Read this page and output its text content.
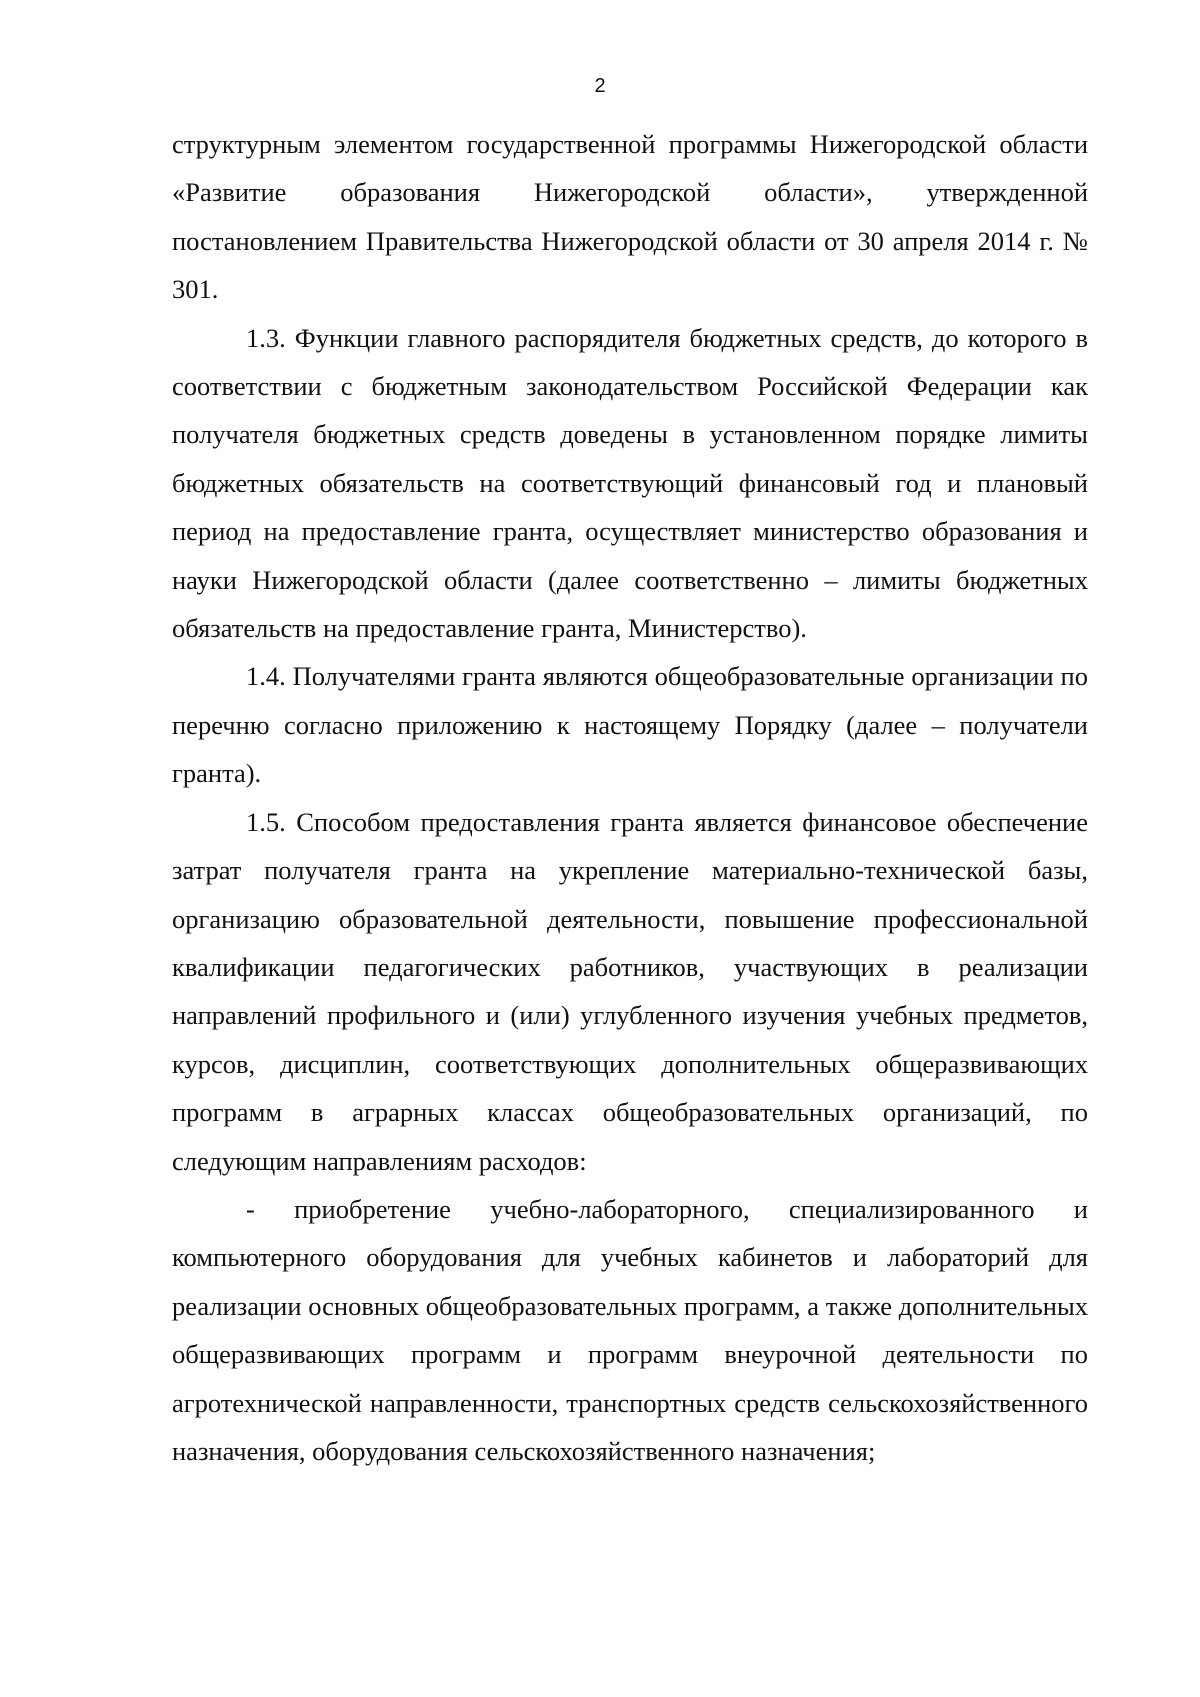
2

структурным элементом государственной программы Нижегородской области «Развитие образования Нижегородской области», утвержденной постановлением Правительства Нижегородской области от 30 апреля 2014 г. № 301.

1.3. Функции главного распорядителя бюджетных средств, до которого в соответствии с бюджетным законодательством Российской Федерации как получателя бюджетных средств доведены в установленном порядке лимиты бюджетных обязательств на соответствующий финансовый год и плановый период на предоставление гранта, осуществляет министерство образования и науки Нижегородской области (далее соответственно – лимиты бюджетных обязательств на предоставление гранта, Министерство).

1.4. Получателями гранта являются общеобразовательные организации по перечню согласно приложению к настоящему Порядку (далее – получатели гранта).

1.5. Способом предоставления гранта является финансовое обеспечение затрат получателя гранта на укрепление материально-технической базы, организацию образовательной деятельности, повышение профессиональной квалификации педагогических работников, участвующих в реализации направлений профильного и (или) углубленного изучения учебных предметов, курсов, дисциплин, соответствующих дополнительных общеразвивающих программ в аграрных классах общеобразовательных организаций, по следующим направлениям расходов:

- приобретение учебно-лабораторного, специализированного и компьютерного оборудования для учебных кабинетов и лабораторий для реализации основных общеобразовательных программ, а также дополнительных общеразвивающих программ и программ внеурочной деятельности по агротехнической направленности, транспортных средств сельскохозяйственного назначения, оборудования сельскохозяйственного назначения;
